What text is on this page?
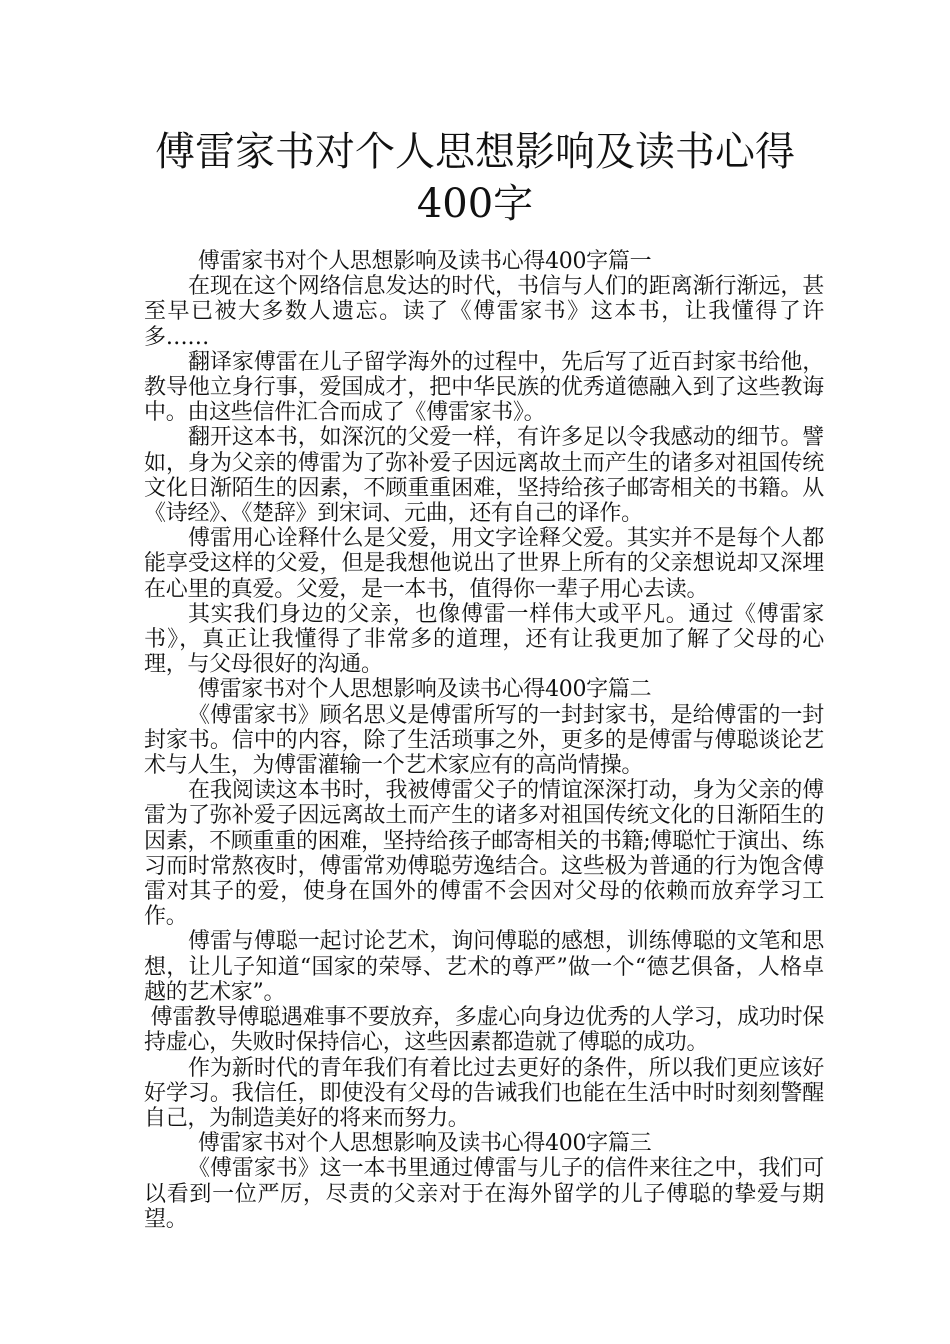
傅雷家书对个人思想影响及读书心得400字

傅雷家书对个人思想影响及读书心得400字篇一

在现在这个网络信息发达的时代，书信与人们的距离渐行渐远，甚至早已被大多数人遗忘。读了《傅雷家书》这本书，让我懂得了许多……

翻译家傅雷在儿子留学海外的过程中，先后写了近百封家书给他，教导他立身行事，爱国成才，把中华民族的优秀道德融入到了这些教诲中。由这些信件汇合而成了《傅雷家书》。

翻开这本书，如深沉的父爱一样，有许多足以令我感动的细节。譬如，身为父亲的傅雷为了弥补爱子因远离故土而产生的诸多对祖国传统文化日渐陌生的因素，不顾重重困难，坚持给孩子邮寄相关的书籍。从《诗经》、《楚辞》到宋词、元曲，还有自己的译作。

傅雷用心诠释什么是父爱，用文字诠释父爱。其实并不是每个人都能享受这样的父爱，但是我想他说出了世界上所有的父亲想说却又深埋在心里的真爱。父爱，是一本书，值得你一辈子用心去读。

其实我们身边的父亲，也像傅雷一样伟大或平凡。通过《傅雷家书》，真正让我懂得了非常多的道理，还有让我更加了解了父母的心理，与父母很好的沟通。

傅雷家书对个人思想影响及读书心得400字篇二

《傅雷家书》顾名思义是傅雷所写的一封封家书，是给傅雷的一封封家书。信中的内容，除了生活琐事之外，更多的是傅雷与傅聪谈论艺术与人生，为傅雷灌输一个艺术家应有的高尚情操。

在我阅读这本书时，我被傅雷父子的情谊深深打动，身为父亲的傅雷为了弥补爱子因远离故土而产生的诸多对祖国传统文化的日渐陌生的因素，不顾重重的困难，坚持给孩子邮寄相关的书籍;傅聪忙于演出、练习而时常熬夜时，傅雷常劝傅聪劳逸结合。这些极为普通的行为饱含傅雷对其子的爱，使身在国外的傅雷不会因对父母的依赖而放弃学习工作。

傅雷与傅聪一起讨论艺术，询问傅聪的感想，训练傅聪的文笔和思想，让儿子知道“国家的荣辱、艺术的尊严”做一个“德艺俱备，人格卓越的艺术家”。

傅雷教导傅聪遇难事不要放弃，多虚心向身边优秀的人学习，成功时保持虚心，失败时保持信心，这些因素都造就了傅聪的成功。

作为新时代的青年我们有着比过去更好的条件，所以我们更应该好好学习。我信任，即使没有父母的告诫我们也能在生活中时时刻刻警醒自己，为制造美好的将来而努力。

傅雷家书对个人思想影响及读书心得400字篇三

《傅雷家书》这一本书里通过傅雷与儿子的信件来往之中，我们可以看到一位严厉，尽责的父亲对于在海外留学的儿子傅聪的挚爱与期望。
